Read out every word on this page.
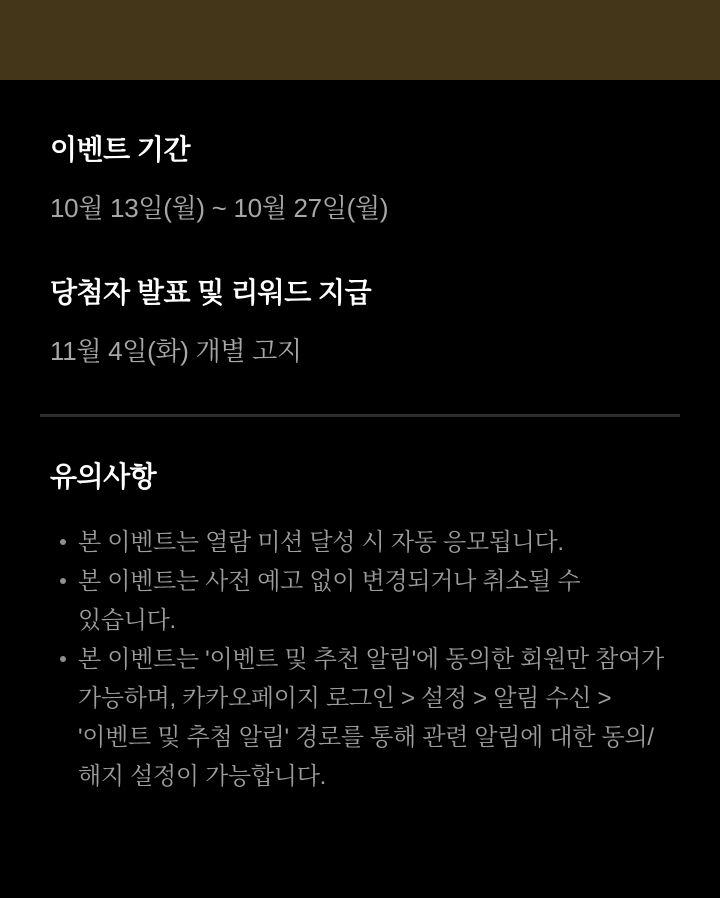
이벤트 기간

10월 13일(월) ~ 10월 27일(월)

당첨자 발표 및 리워드 지급

11월 4일(화) 개별 고지

유의사항
본 이벤트는 열람 미션 달성 시 자동 응모됩니다.
본 이벤트는 사전 예고 없이 변경되거나 취소될 수 있습니다.
본 이벤트는 '이벤트 및 추천 알림'에 동의한 회원만 참여가 가능하며, 카카오페이지 로그인 > 설정 > 알림 수신 > '이벤트 및 추첨 알림' 경로를 통해 관련 알림에 대한 동의/해지 설정이 가능합니다.
